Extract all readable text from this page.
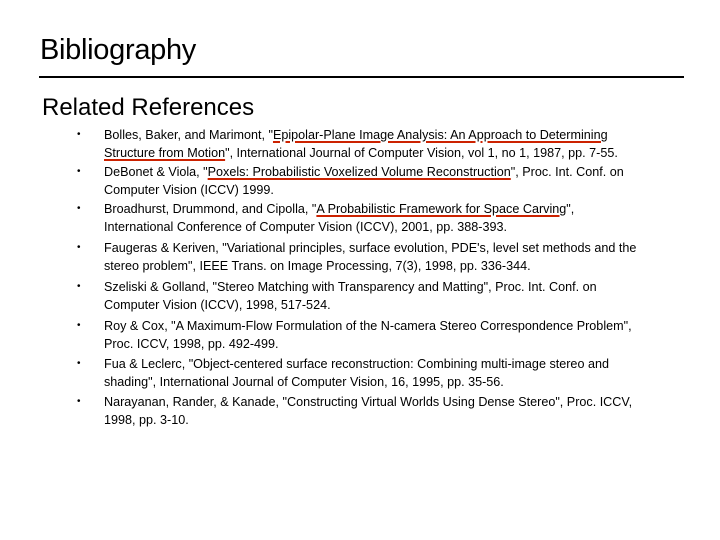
Bibliography
Related References
•	Bolles, Baker, and Marimont, "Epipolar-Plane Image Analysis: An Approach to Determining
Structure from Motion", International Journal of Computer Vision, vol 1, no 1, 1987, pp. 7-55.
•	DeBonet & Viola, "Poxels: Probabilistic Voxelized Volume Reconstruction", Proc. Int. Conf. on
Computer Vision (ICCV) 1999.
•	Broadhurst, Drummond, and Cipolla, "A Probabilistic Framework for Space Carving",
International Conference of Computer Vision (ICCV), 2001, pp. 388-393.
•	Faugeras & Keriven, "Variational principles, surface evolution, PDE's, level set methods and the
stereo problem", IEEE Trans. on Image Processing, 7(3), 1998, pp. 336-344.
•	Szeliski & Golland, "Stereo Matching with Transparency and Matting", Proc. Int. Conf. on
Computer Vision (ICCV), 1998, 517-524.
•	Roy & Cox, "A Maximum-Flow Formulation of the N-camera Stereo Correspondence Problem",
Proc. ICCV, 1998, pp. 492-499.
•	Fua & Leclerc, "Object-centered surface reconstruction: Combining multi-image stereo and
shading", International Journal of Computer Vision, 16, 1995, pp. 35-56.
•	Narayanan, Rander, & Kanade, "Constructing Virtual Worlds Using Dense Stereo", Proc. ICCV,
1998, pp. 3-10.
